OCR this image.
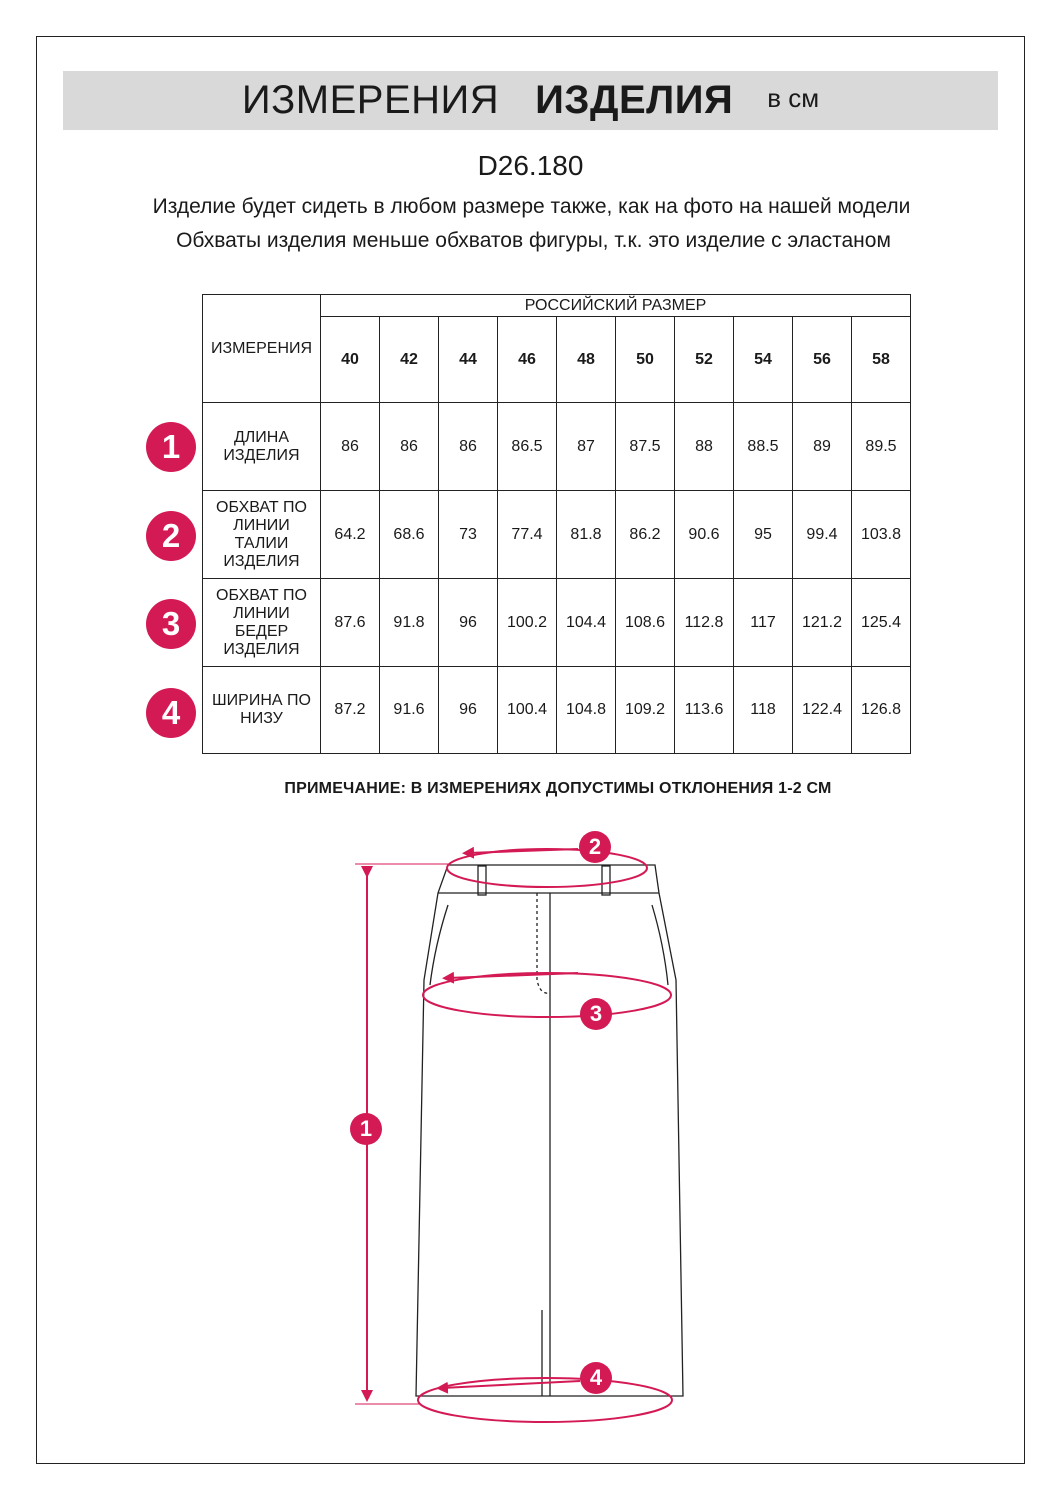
ИЗМЕРЕНИЯ ИЗДЕЛИЯ в см
D26.180
Изделие будет сидеть в любом размере также, как на фото на нашей модели
Обхваты изделия меньше обхватов фигуры, т.к. это изделие с эластаном
ИЗМЕРЕНИЯ	РОССИЙСКИЙ РАЗМЕР									
	40	42	44	46	48	50	52	54	56	58

ДЛИНА ИЗДЕЛИЯ	86	86	86	86.5	87	87.5	88	88.5	89	89.5

ОБХВАТ ПО ЛИНИИ ТАЛИИ ИЗДЕЛИЯ	64.2	68.6	73	77.4	81.8	86.2	90.6	95	99.4	103.8

ОБХВАТ ПО ЛИНИИ БЕДЕР ИЗДЕЛИЯ	87.6	91.8	96	100.2	104.4	108.6	112.8	117	121.2	125.4

ШИРИНА ПО НИЗУ	87.2	91.6	96	100.4	104.8	109.2	113.6	118	122.4	126.8
1
2
3
4
ПРИМЕЧАНИЕ: В ИЗМЕРЕНИЯХ ДОПУСТИМЫ ОТКЛОНЕНИЯ 1-2 СМ
2
3
1
4
